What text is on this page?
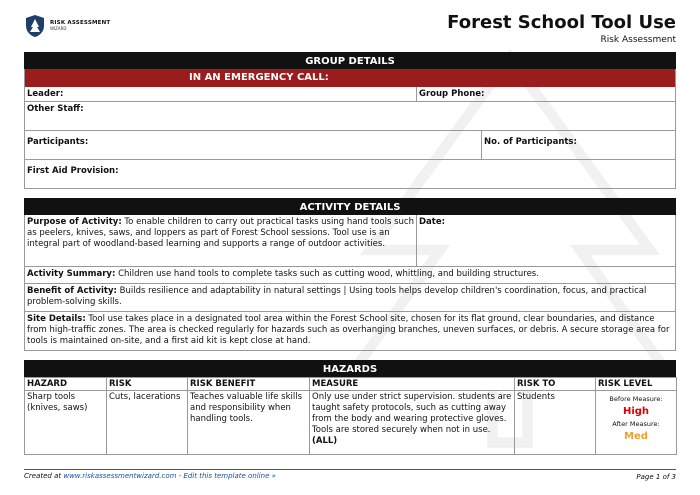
RISK ASSESSMENT
WIZARD	Forest School Tool Use
Risk Assessment
GROUP DETAILS
IN AN EMERGENCY CALL:
Leader:	Group Phone:
Other Staff:
Participants:	No. of Participants:
First Aid Provision:
ACTIVITY DETAILS
Purpose of Activity: To enable children to carry out practical tasks using hand tools such as peelers, knives, saws, and loppers as part of Forest School sessions. Tool use is an integral part of woodland-based learning and supports a range of outdoor activities.
Date:
Activity Summary: Children use hand tools to complete tasks such as cutting wood, whittling, and building structures.
Benefit of Activity: Builds resilience and adaptability in natural settings | Using tools helps develop children's coordination, focus, and practical problem-solving skills.
Site Details: Tool use takes place in a designated tool area within the Forest School site, chosen for its flat ground, clear boundaries, and distance from high-traffic zones. The area is checked regularly for hazards such as overhanging branches, uneven surfaces, or debris. A secure storage area for tools is maintained on-site, and a first aid kit is kept close at hand.
HAZARDS
HAZARD	RISK	RISK BENEFIT	MEASURE	RISK TO	RISK LEVEL
Sharp tools (knives, saws)	Cuts, lacerations	Teaches valuable life skills and responsibility when handling tools.	Only use under strict supervision. students are taught safety protocols, such as cutting away from the body and wearing protective gloves. Tools are stored securely when not in use. (ALL)	Students	Before Measure:
High
After Measure:
Med
Created at www.riskassessmentwizard.com - Edit this template online »	Page 1 of 3
